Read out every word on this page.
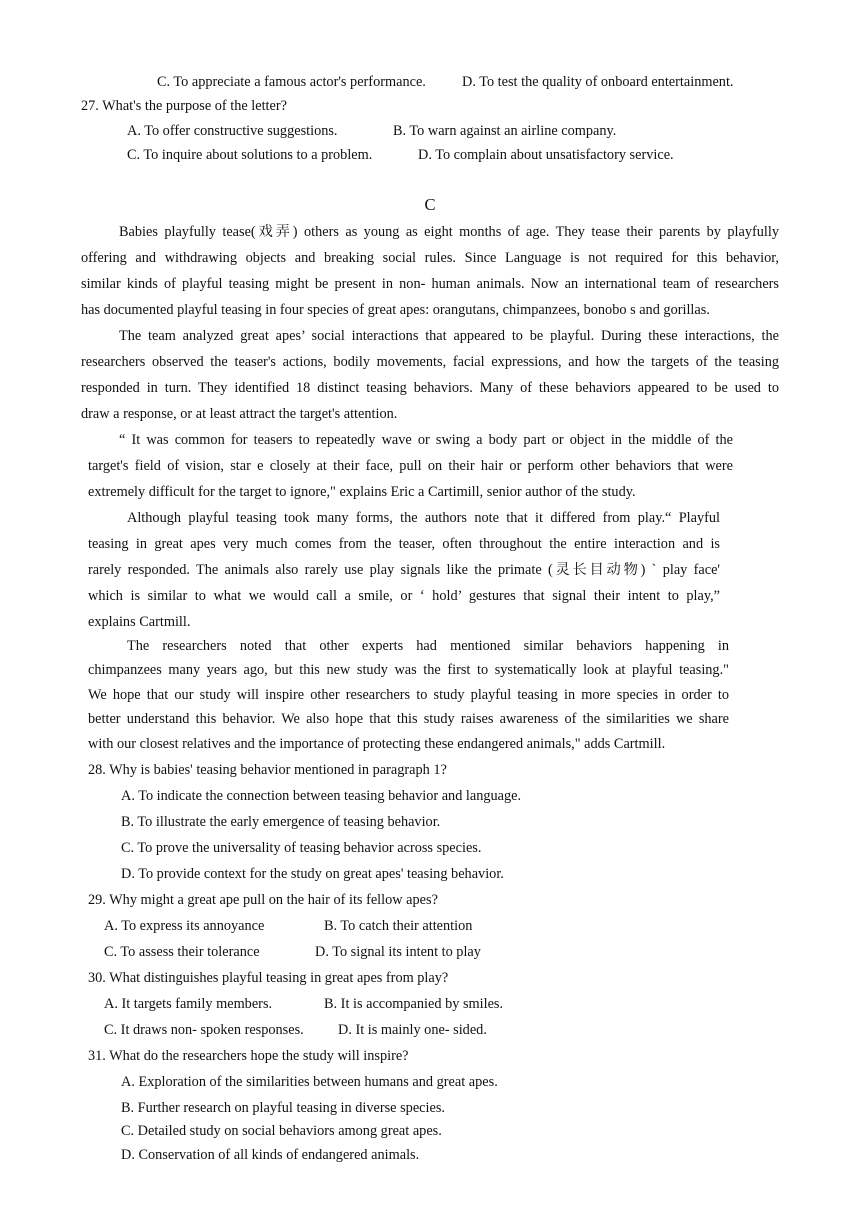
C. To appreciate a famous actor's performance.	D. To test the quality of onboard entertainment.
27. What's the purpose of the letter?
A. To offer constructive suggestions.	B. To warn against an airline company.
C. To inquire about solutions to a problem.	D. To complain about unsatisfactory service.
C
Babies playfully tease(戏弄) others as young as eight months of age. They tease their parents by playfully
offering and withdrawing objects and breaking social rules. Since Language is not required for this behavior,
similar kinds of playful teasing might be present in non- human animals. Now an international team of researchers
has documented playful teasing in four species of great apes: orangutans, chimpanzees, bonobo s and gorillas.
The team analyzed great apes’ social interactions that appeared to be playful. During these interactions, the
researchers observed the teaser's actions, bodily movements, facial expressions, and how the targets of the teasing
responded in turn. They identified 18 distinct teasing behaviors. Many of these behaviors appeared to be used to
draw a response, or at least attract the target's attention.
“ It was common for teasers to repeatedly wave or swing a body part or object in the middle of the
target's field of vision, star e closely at their face, pull on their hair or perform other behaviors that were
extremely difficult for the target to ignore," explains Eric a Cartimill, senior author of the study.
Although playful teasing took many forms, the authors note that it differed from play.“ Playful
teasing in great apes very much comes from the teaser, often throughout the entire interaction and is
rarely responded. The animals also rarely use play signals like the primate (灵长目动物) ` play face'
which is similar to what we would call a smile, or ‘ hold’ gestures that signal their intent to play,”
explains Cartmill.
The researchers noted that other experts had mentioned similar behaviors happening in
chimpanzees many years ago, but this new study was the first to systematically look at playful teasing."
We hope that our study will inspire other researchers to study playful teasing in more species in order to
better understand this behavior. We also hope that this study raises awareness of the similarities we share
with our closest relatives and the importance of protecting these endangered animals," adds Cartmill.
28. Why is babies' teasing behavior mentioned in paragraph 1?
A. To indicate the connection between teasing behavior and language.
B. To illustrate the early emergence of teasing behavior.
C. To prove the universality of teasing behavior across species.
D. To provide context for the study on great apes' teasing behavior.
29. Why might a great ape pull on the hair of its fellow apes?
A. To express its annoyance	B. To catch their attention
C. To assess their tolerance	D. To signal its intent to play
30. What distinguishes playful teasing in great apes from play?
A. It targets family members.	B. It is accompanied by smiles.
C. It draws non- spoken responses. D. It is mainly one- sided.
31. What do the researchers hope the study will inspire?
A. Exploration of the similarities between humans and great apes.
B. Further research on playful teasing in diverse species.
C. Detailed study on social behaviors among great apes.
D. Conservation of all kinds of endangered animals.
